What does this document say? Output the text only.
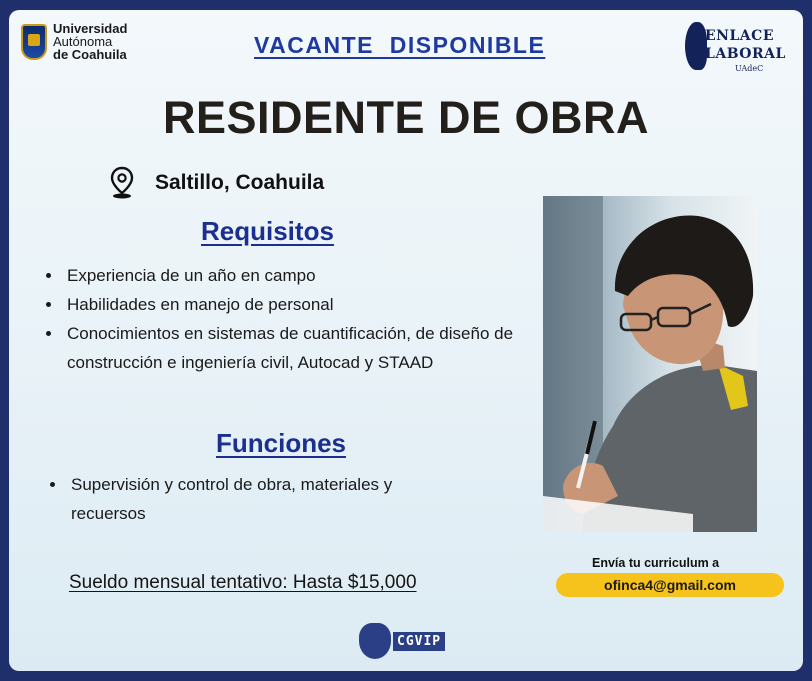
Universidad
Autónoma
de Coahuila	VACANTE  DISPONIBLE	ENLACE
LABORAL
UAdeC
RESIDENTE DE OBRA
Saltillo, Coahuila
Requisitos
• Experiencia de un año en campo
• Habilidades en manejo de personal
• Conocimientos en sistemas de cuantificación, de diseño de construcción e ingeniería civil, Autocad y STAAD
Funciones
• Supervisión y control de obra, materiales y recuersos
Sueldo mensual tentativo: Hasta $15,000
Envía tu curriculum a
ofinca4@gmail.com
CGVIP
